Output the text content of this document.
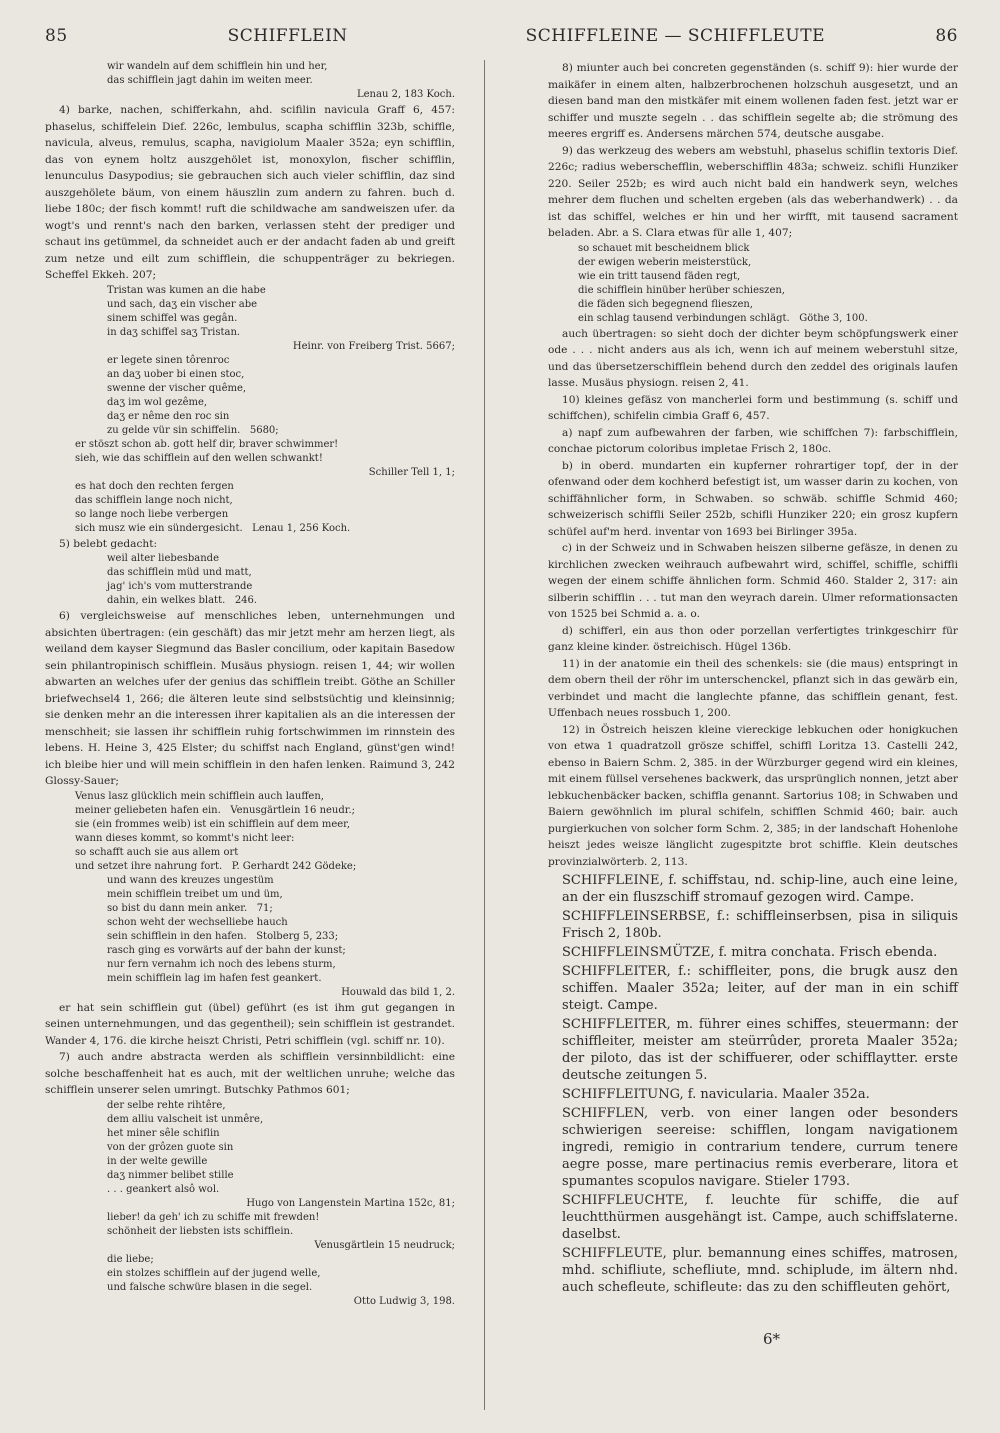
85	SCHIFFLEIN	SCHIFFLEINE — SCHIFFLEUTE	86
wir wandeln auf dem schifflein hin und her,
das schifflein jagt dahin im weiten meer.

Lenau 2, 183 Koch.

4) barke, nachen, schifferkahn, ahd. scifilin navicula Graff 6, 457: phaselus, schiffelein Dief. 226c, lembulus, scapha schifflin 323b, schiffle, navicula, alveus, remulus, scapha, navigiolum Maaler 352a; eyn schifflin, das von eynem holtz auszgehölet ist, monoxylon, fischer schifflin, lenunculus Dasypodius; sie gebrauchen sich auch vieler schifflin, daz sind auszgehölete bäum, von einem häuszlin zum andern zu fahren. buch d. liebe 180c; der fisch kommt! ruft die schildwache am sandweiszen ufer. da wogt's und rennt's nach den barken, verlassen steht der prediger und schaut ins getümmel, da schneidet auch er der andacht faden ab und greift zum netze und eilt zum schifflein, die schuppenträger zu bekriegen. Scheffel Ekkeh. 207;

Tristan was kumen an die habe
und sach, daʒ ein vischer abe
sinem schiffel was gegân.
in daʒ schiffel saʒ Tristan.

Heinr. von Freiberg Trist. 5667;

er legete sinen tôrenroc
an daʒ uober bi einen stoc,
swenne der vischer quême,
daʒ im wol gezême,
daʒ er nême den roc sin
zu gelde vür sin schiffelin.   5680;
er stöszt schon ab. gott helf dir, braver schwimmer!
sieh, wie das schifflein auf den wellen schwankt!

Schiller Tell 1, 1;

es hat doch den rechten fergen
das schifflein lange noch nicht,
so lange noch liebe verbergen
sich musz wie ein sündergesicht.   Lenau 1, 256 Koch.

5) belebt gedacht:

weil alter liebesbande
das schifflein müd und matt,
jag' ich's vom mutterstrande
dahin, ein welkes blatt.   246.

6) vergleichsweise auf menschliches leben, unternehmungen und absichten übertragen: (ein geschäft) das mir jetzt mehr am herzen liegt, als weiland dem kayser Siegmund das Basler concilium, oder kapitain Basedow sein philantropinisch schifflein. Musäus physiogn. reisen 1, 44; wir wollen abwarten an welches ufer der genius das schifflein treibt. Göthe an Schiller briefwechsel4 1, 266; die älteren leute sind selbstsüchtig und kleinsinnig; sie denken mehr an die interessen ihrer kapitalien als an die interessen der menschheit; sie lassen ihr schifflein ruhig fortschwimmen im rinnstein des lebens. H. Heine 3, 425 Elster; du schiffst nach England, günst'gen wind! ich bleibe hier und will mein schifflein in den hafen lenken. Raimund 3, 242 Glossy-Sauer;

Venus lasz glücklich mein schifflein auch lauffen,
meiner geliebeten hafen ein.   Venusgärtlein 16 neudr.;
sie (ein frommes weib) ist ein schifflein auf dem meer,
wann dieses kommt, so kommt's nicht leer:
so schafft auch sie aus allem ort
und setzet ihre nahrung fort.   P. Gerhardt 242 Gödeke;
und wann des kreuzes ungestüm
mein schifflein treibet um und üm,
so bist du dann mein anker.   71;
schon weht der wechselliebe hauch
sein schifflein in den hafen.   Stolberg 5, 233;
rasch ging es vorwärts auf der bahn der kunst;
nur fern vernahm ich noch des lebens sturm,
mein schifflein lag im hafen fest geankert.

Houwald das bild 1, 2.

er hat sein schifflein gut (übel) geführt (es ist ihm gut gegangen in seinen unternehmungen, und das gegentheil); sein schifflein ist gestrandet. Wander 4, 176. die kirche heiszt Christi, Petri schifflein (vgl. schiff nr. 10).

7) auch andre abstracta werden als schifflein versinnbildlicht: eine solche beschaffenheit hat es auch, mit der weltlichen unruhe; welche das schifflein unserer selen umringt. Butschky Pathmos 601;

der selbe rehte rihtêre,
dem alliu valscheit ist unmêre,
het miner sêle schiflin
von der grôzen guote sin
in der welte gewille
daʒ nimmer belibet stille
. . . geankert alsô wol.

Hugo von Langenstein Martina 152c, 81;

lieber! da geh' ich zu schiffe mit frewden!
schönheit der liebsten ists schifflein.

Venusgärtlein 15 neudruck;

die liebe;
ein stolzes schifflein auf der jugend welle,
und falsche schwüre blasen in die segel.

Otto Ludwig 3, 198.

8) miunter auch bei concreten gegenständen (s. schiff 9): hier wurde der maikäfer in einem alten, halbzerbrochenen holzschuh ausgesetzt, und an diesen band man den mistkäfer mit einem wollenen faden fest. jetzt war er schiffer und muszte segeln . . das schifflein segelte ab; die strömung des meeres ergriff es. Andersens märchen 574, deutsche ausgabe.

9) das werkzeug des webers am webstuhl, phaselus schiflin textoris Dief. 226c; radius weberschefflin, weberschifflin 483a; schweiz. schifli Hunziker 220. Seiler 252b; es wird auch nicht bald ein handwerk seyn, welches mehrer dem fluchen und schelten ergeben (als das weberhandwerk) . . da ist das schiffel, welches er hin und her wirfft, mit tausend sacrament beladen. Abr. a S. Clara etwas für alle 1, 407;

so schauet mit bescheidnem blick
der ewigen weberin meisterstück,
wie ein tritt tausend fäden regt,
die schifflein hinüber herüber schieszen,
die fäden sich begegnend flieszen,
ein schlag tausend verbindungen schlägt.   Göthe 3, 100.

auch übertragen: so sieht doch der dichter beym schöpfungswerk einer ode . . . nicht anders aus als ich, wenn ich auf meinem weberstuhl sitze, und das übersetzerschifflein behend durch den zeddel des originals laufen lasse. Musäus physiogn. reisen 2, 41.

10) kleines gefäsz von mancherlei form und bestimmung (s. schiff und schiffchen), schifelin cimbia Graff 6, 457.

a) napf zum aufbewahren der farben, wie schiffchen 7): farbschifflein, conchae pictorum coloribus impletae Frisch 2, 180c.

b) in oberd. mundarten ein kupferner rohrartiger topf, der in der ofenwand oder dem kochherd befestigt ist, um wasser darin zu kochen, von schiffähnlicher form, in Schwaben. so schwäb. schiffle Schmid 460; schweizerisch schiffli Seiler 252b, schifli Hunziker 220; ein grosz kupfern schüfel auf'm herd. inventar von 1693 bei Birlinger 395a.

c) in der Schweiz und in Schwaben heiszen silberne gefäsze, in denen zu kirchlichen zwecken weihrauch aufbewahrt wird, schiffel, schiffle, schiffli wegen der einem schiffe ähnlichen form. Schmid 460. Stalder 2, 317: ain silberin schifflin . . . tut man den weyrach darein. Ulmer reformationsacten von 1525 bei Schmid a. a. o.

d) schifferl, ein aus thon oder porzellan verfertigtes trinkgeschirr für ganz kleine kinder. östreichisch. Hügel 136b.

11) in der anatomie ein theil des schenkels: sie (die maus) entspringt in dem obern theil der röhr im unterschenckel, pflanzt sich in das gewärb ein, verbindet und macht die langlechte pfanne, das schifflein genant, fest. Uffenbach neues rossbuch 1, 200.

12) in Östreich heiszen kleine viereckige lebkuchen oder honigkuchen von etwa 1 quadratzoll grösze schiffel, schiffl Loritza 13. Castelli 242, ebenso in Baiern Schm. 2, 385. in der Würzburger gegend wird ein kleines, mit einem füllsel versehenes backwerk, das ursprünglich nonnen, jetzt aber lebkuchenbäcker backen, schiffla genannt. Sartorius 108; in Schwaben und Baiern gewöhnlich im plural schifeln, schifflen Schmid 460; bair. auch purgierkuchen von solcher form Schm. 2, 385; in der landschaft Hohenlohe heiszt jedes weisze länglicht zugespitzte brot schiffle. Klein deutsches provinzialwörterb. 2, 113.

SCHIFFLEINE, f. schiffstau, nd. schip-line, auch eine leine, an der ein fluszschiff stromauf gezogen wird. Campe.

SCHIFFLEINSERBSE, f.: schiffleinserbsen, pisa in siliquis Frisch 2, 180b.

SCHIFFLEINSMÜTZE, f. mitra conchata. Frisch ebenda.

SCHIFFLEITER, f.: schiffleiter, pons, die brugk ausz den schiffen. Maaler 352a; leiter, auf der man in ein schiff steigt. Campe.

SCHIFFLEITER, m. führer eines schiffes, steuermann: der schiffleiter, meister am steürrûder, proreta Maaler 352a; der piloto, das ist der schiffuerer, oder schifflaytter. erste deutsche zeitungen 5.

SCHIFFLEITUNG, f. navicularia. Maaler 352a.

SCHIFFLEN, verb. von einer langen oder besonders schwierigen seereise: schifflen, longam navigationem ingredi, remigio in contrarium tendere, currum tenere aegre posse, mare pertinacius remis everberare, litora et spumantes scopulos navigare. Stieler 1793.

SCHIFFLEUCHTE, f. leuchte für schiffe, die auf leuchtthürmen ausgehängt ist. Campe, auch schiffslaterne. daselbst.

SCHIFFLEUTE, plur. bemannung eines schiffes, matrosen, mhd. schifliute, schefliute, mnd. schiplude, im ältern nhd. auch schefleute, schifleute: das zu den schiffleuten gehört,

6*
